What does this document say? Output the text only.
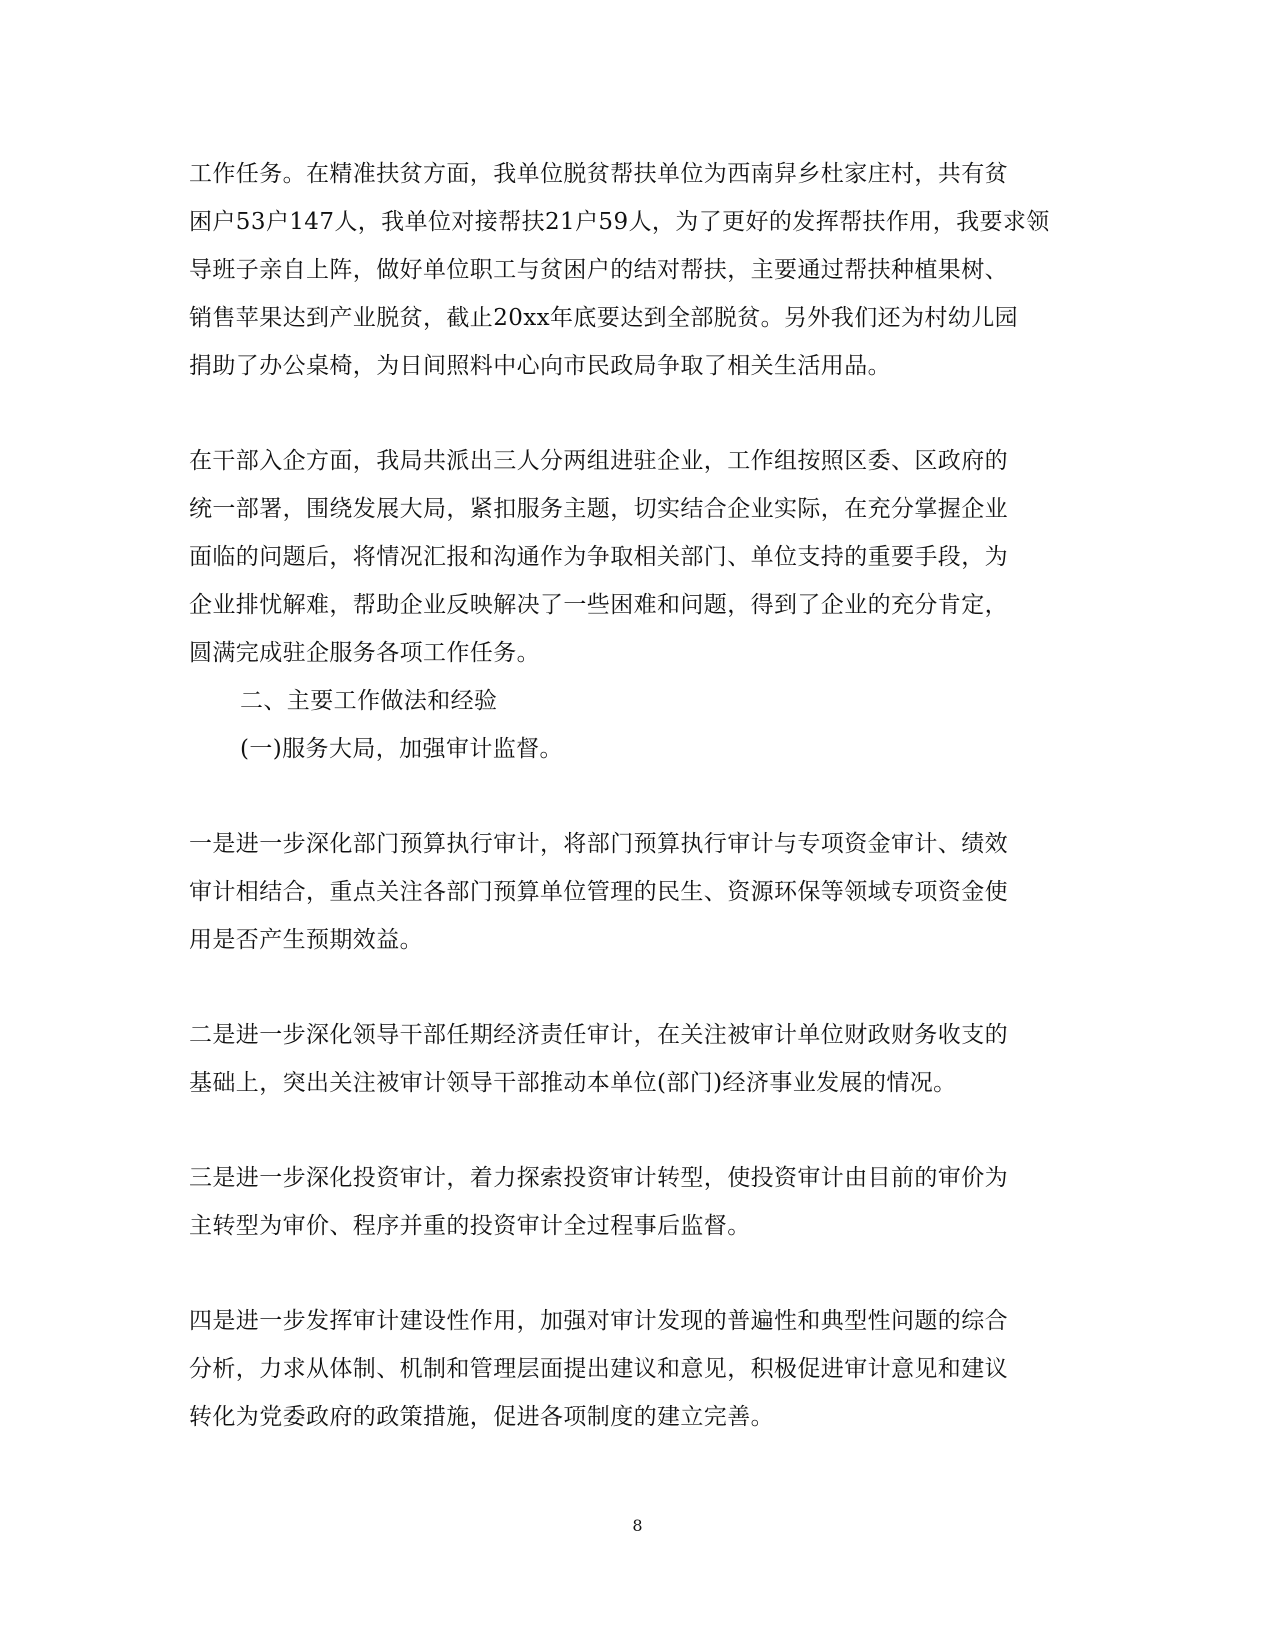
工作任务。在精准扶贫方面，我单位脱贫帮扶单位为西南舁乡杜家庄村，共有贫
困户53户147人，我单位对接帮扶21户59人，为了更好的发挥帮扶作用，我要求领
导班子亲自上阵，做好单位职工与贫困户的结对帮扶，主要通过帮扶种植果树、
销售苹果达到产业脱贫，截止20xx年底要达到全部脱贫。另外我们还为村幼儿园
捐助了办公桌椅，为日间照料中心向市民政局争取了相关生活用品。
在干部入企方面，我局共派出三人分两组进驻企业，工作组按照区委、区政府的
统一部署，围绕发展大局，紧扣服务主题，切实结合企业实际，在充分掌握企业
面临的问题后，将情况汇报和沟通作为争取相关部门、单位支持的重要手段，为
企业排忧解难，帮助企业反映解决了一些困难和问题，得到了企业的充分肯定，
圆满完成驻企服务各项工作任务。
二、主要工作做法和经验
(一)服务大局，加强审计监督。
一是进一步深化部门预算执行审计，将部门预算执行审计与专项资金审计、绩效
审计相结合，重点关注各部门预算单位管理的民生、资源环保等领域专项资金使
用是否产生预期效益。
二是进一步深化领导干部任期经济责任审计，在关注被审计单位财政财务收支的
基础上，突出关注被审计领导干部推动本单位(部门)经济事业发展的情况。
三是进一步深化投资审计，着力探索投资审计转型，使投资审计由目前的审价为
主转型为审价、程序并重的投资审计全过程事后监督。
四是进一步发挥审计建设性作用，加强对审计发现的普遍性和典型性问题的综合
分析，力求从体制、机制和管理层面提出建议和意见，积极促进审计意见和建议
转化为党委政府的政策措施，促进各项制度的建立完善。
8
